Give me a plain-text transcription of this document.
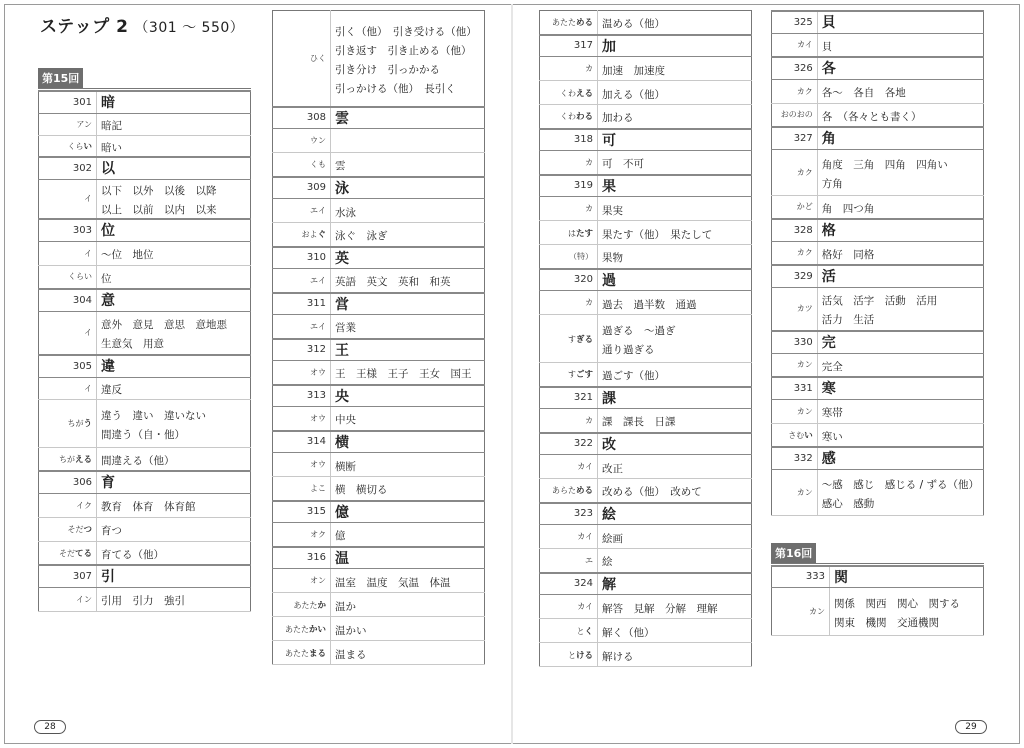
ステップ 2 （301 ～ 550）
第15回
301	暗
アン	暗記

くらい	暗い

302	以
イ	以下　以外　以後　以降
以上　以前　以内　以来

303	位
イ	～位　地位

くらい	位

304	意
イ	意外　意見　意思　意地悪
生意気　用意

305	違
イ	違反

ちがう	違う　違い　違いない
間違う（自・他）

ちがえる	間違える（他）

306	育
イク	教育　体育　体育館

そだつ	育つ

そだてる	育てる（他）

307	引
イン	引用　引力　強引
ひく	引く（他）　引き受ける（他）
引き返す　引き止める（他）
引き分け　引っかかる
引っかける（他）　長引く

308	雲
ウン	

くも	雲

309	泳
エイ	水泳

およぐ	泳ぐ　泳ぎ

310	英
エイ	英語　英文　英和　和英

311	営
エイ	営業

312	王
オウ	王　王様　王子　王女　国王

313	央
オウ	中央

314	横
オウ	横断

よこ	横　横切る

315	億
オク	億

316	温
オン	温室　温度　気温　体温

あたたか	温か

あたたかい	温かい

あたたまる	温まる
あたためる	温める（他）

317	加
カ	加速　加速度

くわえる	加える（他）

くわわる	加わる

318	可
カ	可　不可

319	果
カ	果実

はたす	果たす（他）　果たして

（特）	果物

320	過
カ	過去　過半数　通過

すぎる	過ぎる　～過ぎ
通り過ぎる

すごす	過ごす（他）

321	課
カ	課　課長　日課

322	改
カイ	改正

あらためる	改める（他）　改めて

323	絵
カイ	絵画

エ	絵

324	解
カイ	解答　見解　分解　理解

とく	解く（他）

とける	解ける
325	貝
カイ	貝

326	各
カク	各～　各自　各地

おのおの	各　（各々とも書く）

327	角
カク	角度　三角　四角　四角い
方角

かど	角　四つ角

328	格
カク	格好　同格

329	活
カツ	活気　活字　活動　活用
活力　生活

330	完
カン	完全

331	寒
カン	寒帯

さむい	寒い

332	感
カン	～感　感じ　感じる / ずる（他）
感心　感動
第16回
333	関
カン	関係　関西　関心　関する
関東　機関　交通機関
28	29
